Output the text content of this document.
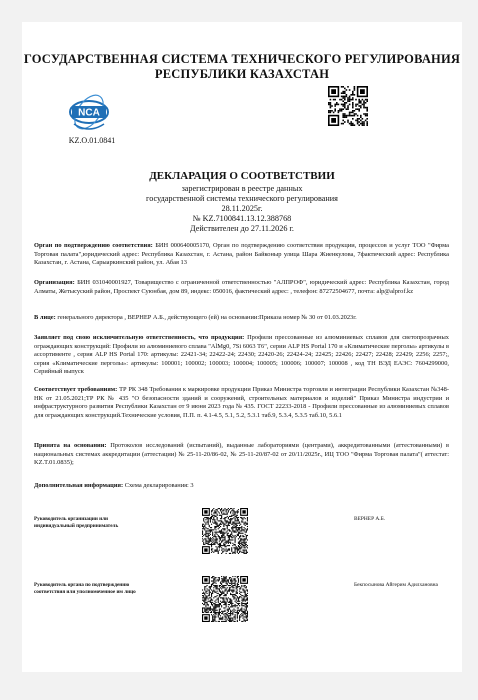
ГОСУДАРСТВЕННАЯ СИСТЕМА ТЕХНИЧЕСКОГО РЕГУЛИРОВАНИЯ
РЕСПУБЛИКИ КАЗАХСТАН
NCA
KZ.O.01.0841
ДЕКЛАРАЦИЯ О СООТВЕТСТВИИ
зарегистрирован в реестре данных
государственной системы технического регулирования
28.11.2025г.
№ KZ.7100841.13.12.388768
Действителен до 27.11.2026 г.
Орган по подтверждению соответствия: БИН 000640005170, Орган по подтверждению соответствия продукции, процессов и услуг ТОО "Фирма Торговая палата",юридический адрес: Республика Казахстан, г. Астана, район Байконыр улица Шара Жиенкулова, 7фактический адрес: Республика Казахстан, г. Астана, Сарыаркинский район, ул. Абая 13
Организация: БИН 031040001927, Товарищество с ограниченной ответственностью "АЛПРОФ", юридический адрес: Республика Казахстан, город Алматы, Жетысуский район, Проспект Суюнбая, дом 89, индекс: 050016, фактический адрес: , телефон: 87272504677, почта: alp@alprof.kz
В лице: генерального директора , ВЕРНЕР А.Б., действующего (ей) на основании:Приказа номер № 30 от 01.03.2023г.
Заявляет под свою исключительную ответственность, что продукция: Профили прессованные из алюминиевых сплавов для светопрозрачных ограждающих конструкций: Профили из алюминиевого сплава "AlMg0, 7Si 6063 T6", серии ALP HS Portal 170 и «Климатические перголы» артикулы в ассортименте , серия ALP HS Portal 170: артикулы: 22421-34; 22422-24; 22430; 22420-26; 22424-24; 22425; 22426; 22427; 22428; 22429; 2256; 2257;, серия «Климатические перголы»: артикулы: 100001; 100002; 100003; 100004; 100005; 100006; 100007; 100008 , код ТН ВЭД ЕАЭС: 7604299000, Серийный выпуск
Соответствует требованиям: ТР РК 348 Требования к маркировке продукции Приказ Министра торговли и интеграции Республики Казахстан №348- НК от 21.05.2021;ТР РК № 435 "О безопасности зданий и сооружений, строительных материалов и изделий" Приказ Министра индустрии и инфраструктурного развития Республики Казахстан от 9 июня 2023 года № 435. ГОСТ 22233-2018 - Профили прессованные из алюминиевых сплавов для ограждающих конструкций.Технические условия, П.П. п. 4.1-4.5, 5.1, 5.2, 5.3.1 таб.9, 5.3.4, 5.3.5 таб.10, 5.6.1
Принята на основании: Протоколов исследований (испытаний), выданные лабораториями (центрами), аккредитованными (аттестованными) в национальных системах аккредитации (аттестации) № 25-11-20/86-02, № 25-11-20/87-02 от 20/11/2025г., ИЦ ТОО "Фирма Торговая палата"( аттестат: KZ.T.01.0835);
Дополнительная информация: Схема декларирования: 3
Руководитель организации или индивидуальный предприниматель
ВЕРНЕР А.Б.
Руководитель органа по подтверждению соответствия или уполномоченное им лицо
Бекпосынова Айгерим Адилхановна
